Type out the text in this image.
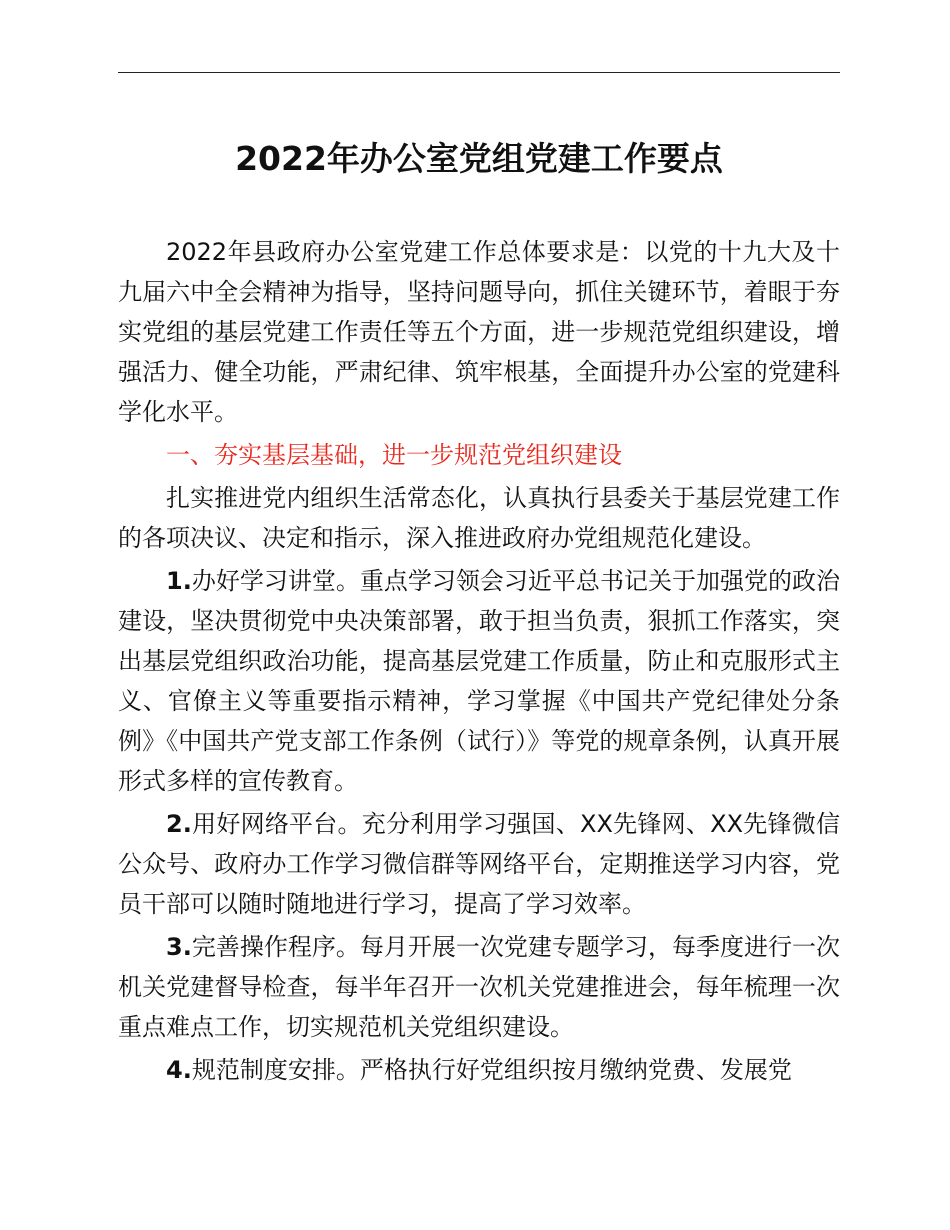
2022年办公室党组党建工作要点

2022年县政府办公室党建工作总体要求是：以党的十九大及十九届六中全会精神为指导，坚持问题导向，抓住关键环节，着眼于夯实党组的基层党建工作责任等五个方面，进一步规范党组织建设，增强活力、健全功能，严肃纪律、筑牢根基，全面提升办公室的党建科学化水平。

一、夯实基层基础，进一步规范党组织建设

扎实推进党内组织生活常态化，认真执行县委关于基层党建工作的各项决议、决定和指示，深入推进政府办党组规范化建设。

1.办好学习讲堂。重点学习领会习近平总书记关于加强党的政治建设，坚决贯彻党中央决策部署，敢于担当负责，狠抓工作落实，突出基层党组织政治功能，提高基层党建工作质量，防止和克服形式主义、官僚主义等重要指示精神，学习掌握《中国共产党纪律处分条例》《中国共产党支部工作条例（试行）》等党的规章条例，认真开展形式多样的宣传教育。

2.用好网络平台。充分利用学习强国、XX先锋网、XX先锋微信公众号、政府办工作学习微信群等网络平台，定期推送学习内容，党员干部可以随时随地进行学习，提高了学习效率。

3.完善操作程序。每月开展一次党建专题学习，每季度进行一次机关党建督导检查，每半年召开一次机关党建推进会，每年梳理一次重点难点工作，切实规范机关党组织建设。

4.规范制度安排。严格执行好党组织按月缴纳党费、发展党
